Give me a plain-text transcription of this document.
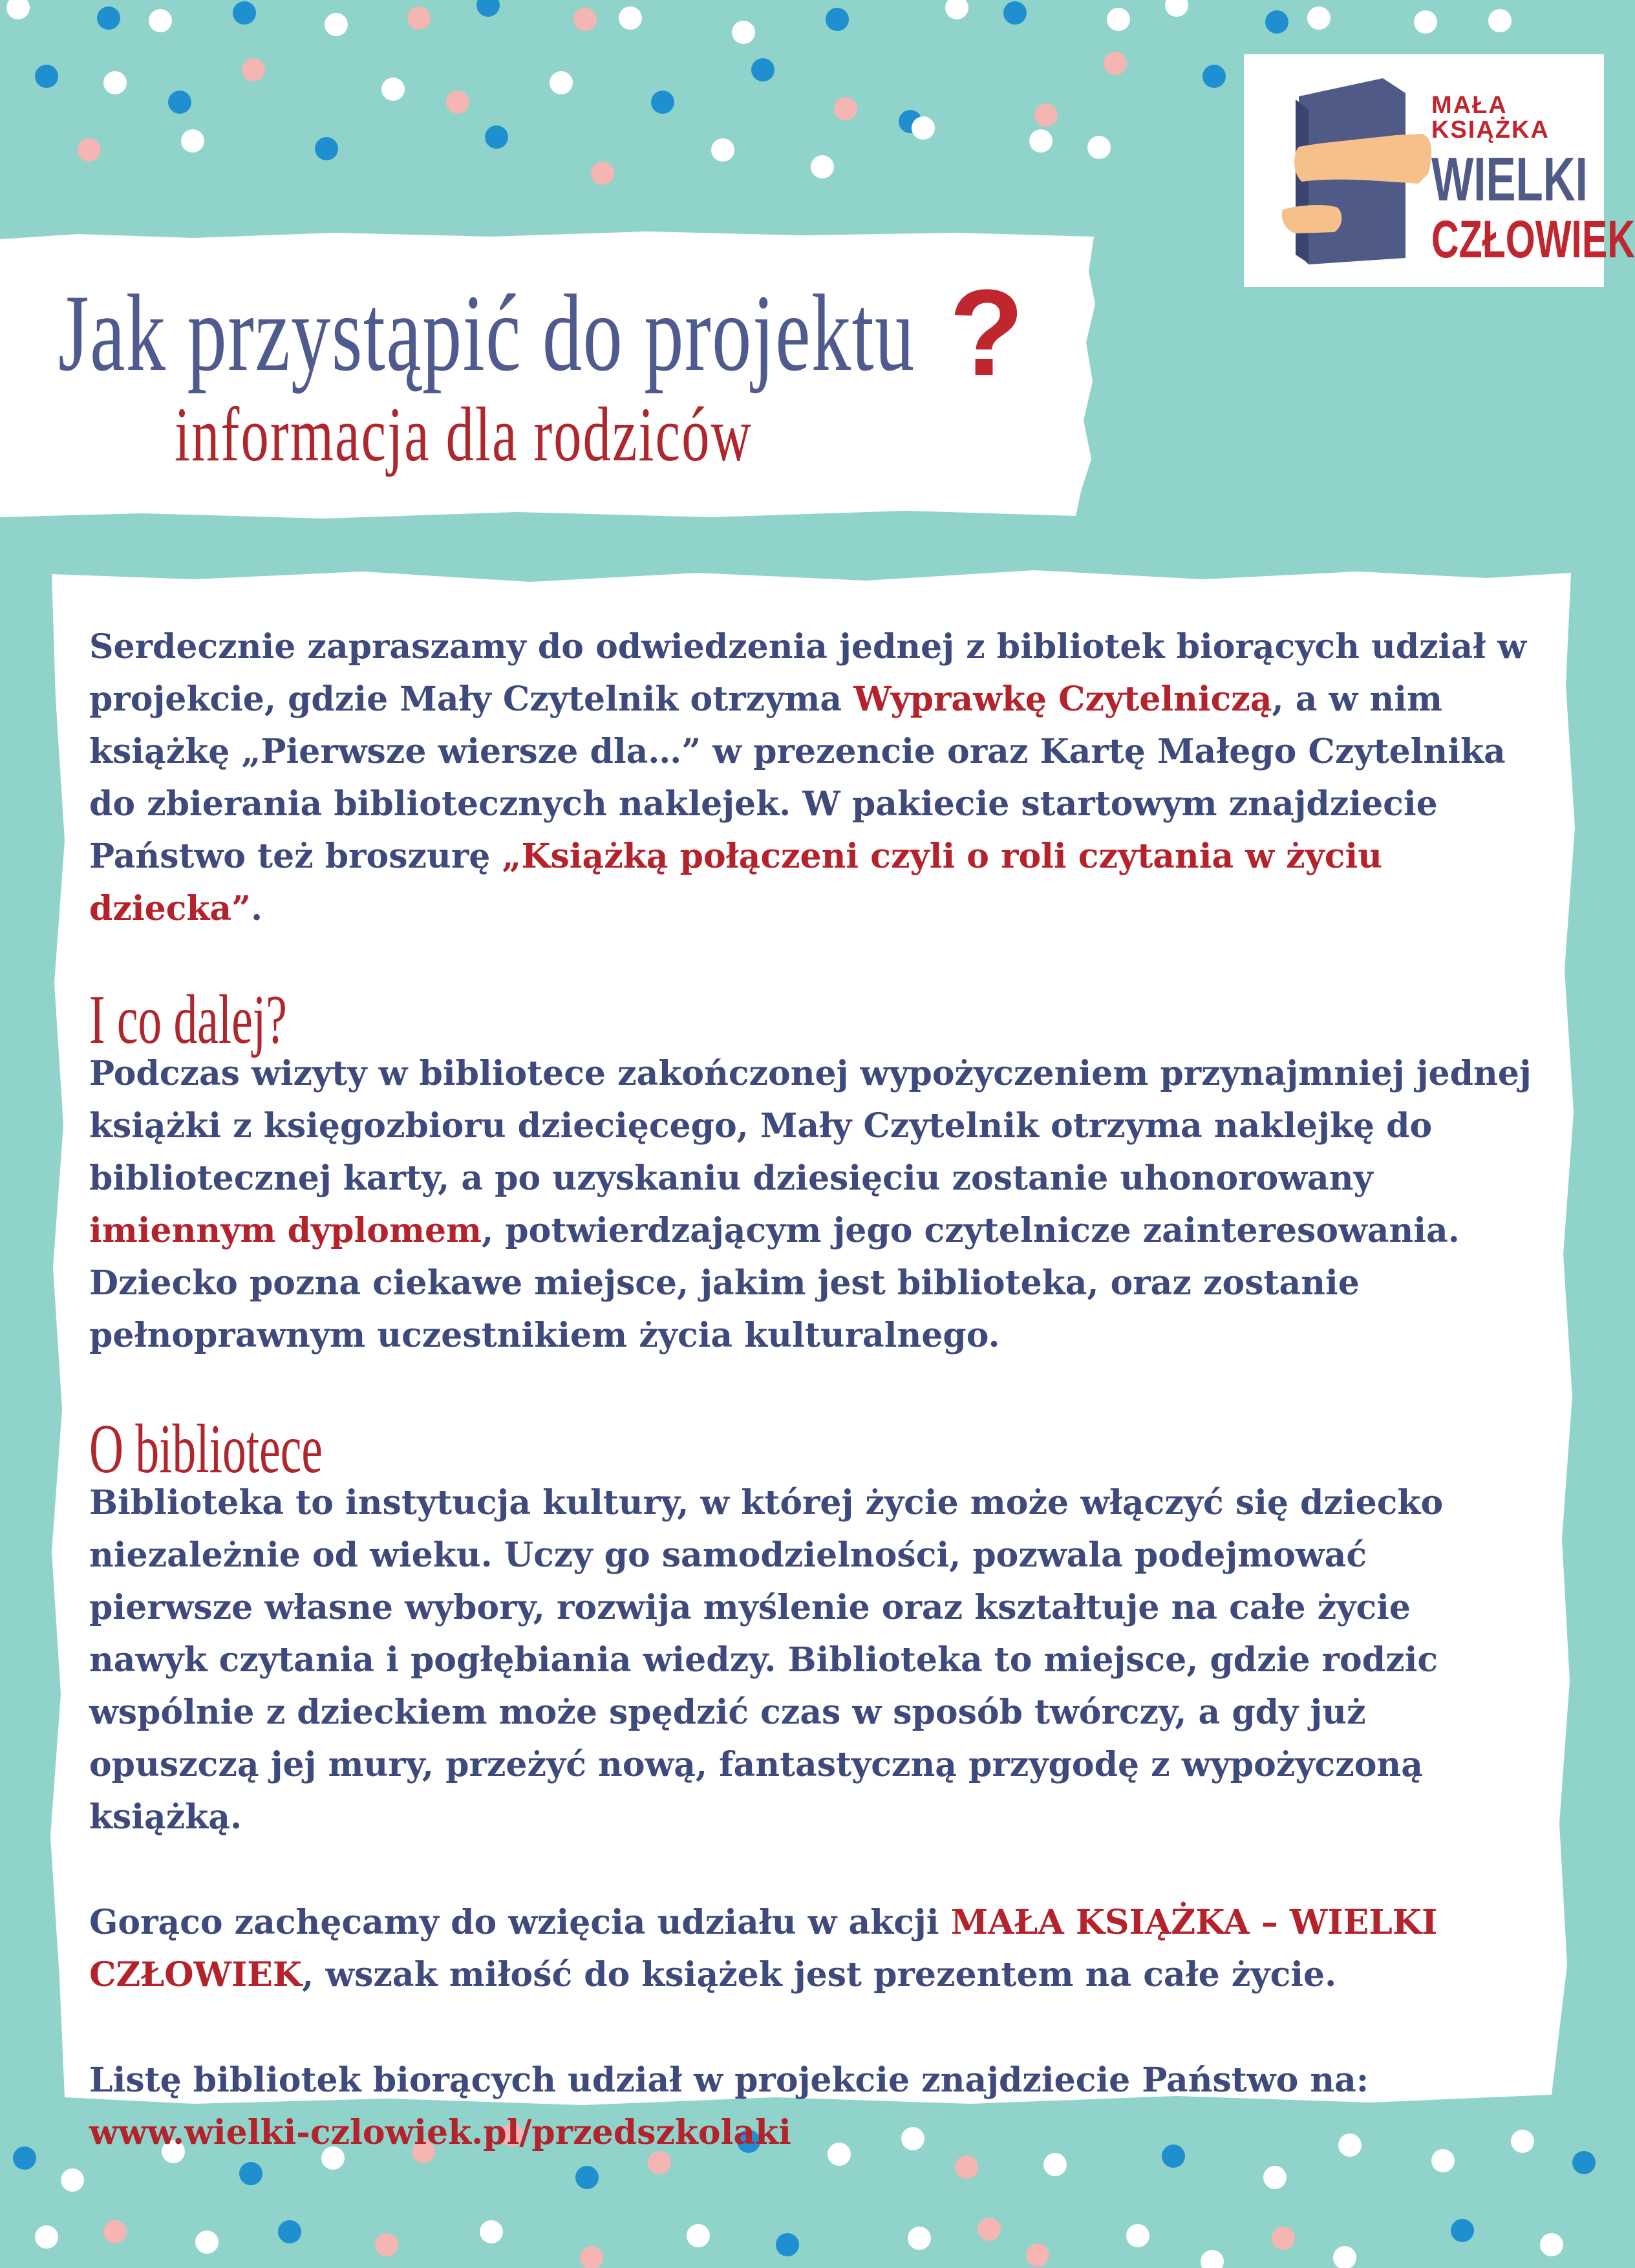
MAŁA KSIĄŻKA
WIELKI
CZŁOWIEK
Jak przystąpić do projektu ?
informacja dla rodziców

Serdecznie zapraszamy do odwiedzenia jednej z bibliotek biorących udział w projekcie, gdzie Mały Czytelnik otrzyma Wyprawkę Czytelniczą, a w nim książkę „Pierwsze wiersze dla…” w prezencie oraz Kartę Małego Czytelnika do zbierania bibliotecznych naklejek. W pakiecie startowym znajdziecie Państwo też broszurę „Książką połączeni czyli o roli czytania w życiu dziecka”.

I co dalej?

Podczas wizyty w bibliotece zakończonej wypożyczeniem przynajmniej jednej książki z księgozbioru dziecięcego, Mały Czytelnik otrzyma naklejkę do bibliotecznej karty, a po uzyskaniu dziesięciu zostanie uhonorowany imiennym dyplomem, potwierdzającym jego czytelnicze zainteresowania. Dziecko pozna ciekawe miejsce, jakim jest biblioteka, oraz zostanie pełnoprawnym uczestnikiem życia kulturalnego.

O bibliotece

Biblioteka to instytucja kultury, w której życie może włączyć się dziecko niezależnie od wieku. Uczy go samodzielności, pozwala podejmować pierwsze własne wybory, rozwija myślenie oraz kształtuje na całe życie nawyk czytania i pogłębiania wiedzy. Biblioteka to miejsce, gdzie rodzic wspólnie z dzieckiem może spędzić czas w sposób twórczy, a gdy już opuszczą jej mury, przeżyć nową, fantastyczną przygodę z wypożyczoną książką.

Gorąco zachęcamy do wzięcia udziału w akcji MAŁA KSIĄŻKA – WIELKI CZŁOWIEK, wszak miłość do książek jest prezentem na całe życie.

Listę bibliotek biorących udział w projekcie znajdziecie Państwo na: www.wielki-czlowiek.pl/przedszkolaki
